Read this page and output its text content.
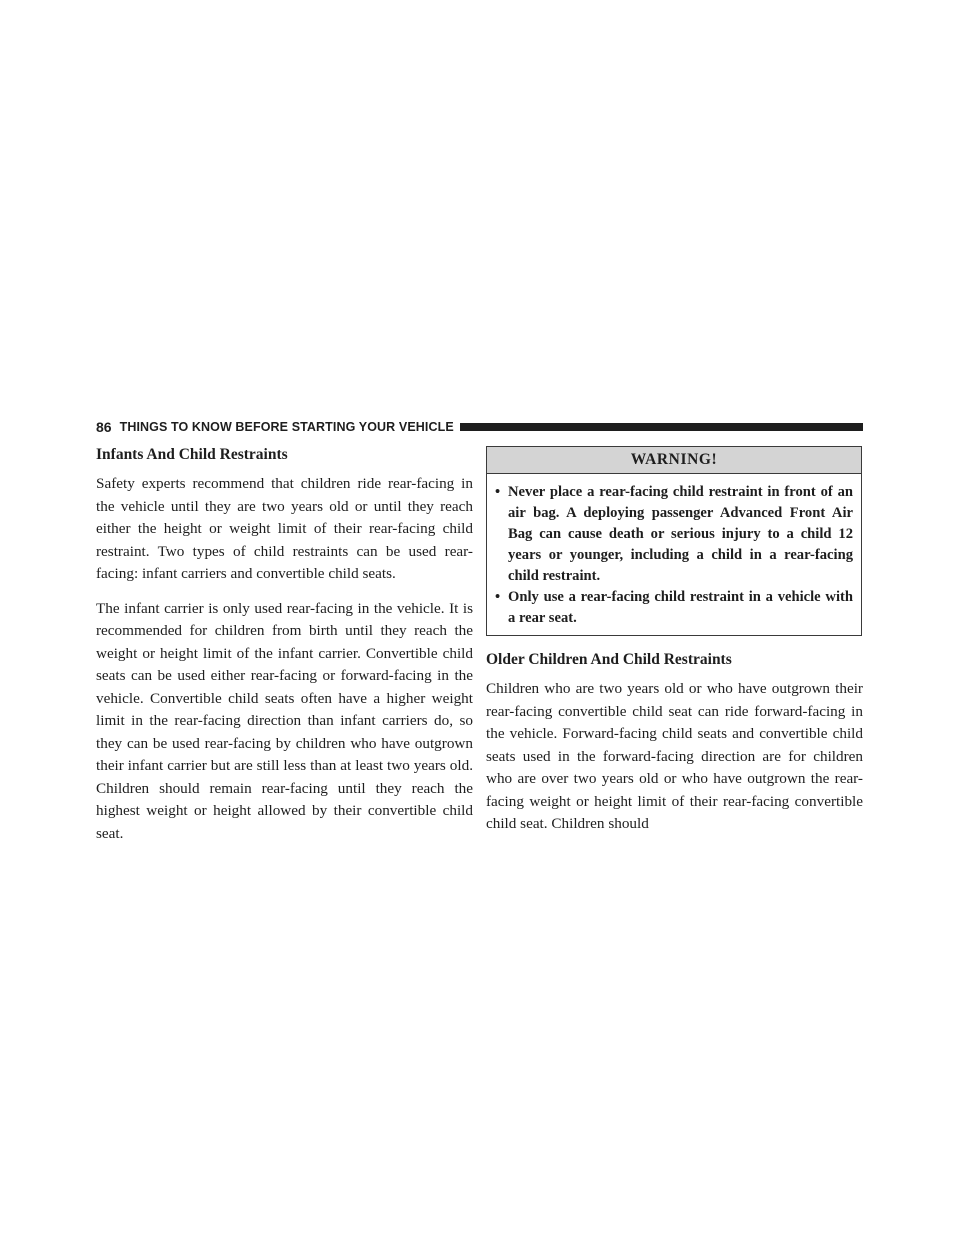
86 THINGS TO KNOW BEFORE STARTING YOUR VEHICLE
Infants And Child Restraints

Safety experts recommend that children ride rear-facing in the vehicle until they are two years old or until they reach either the height or weight limit of their rear-facing child restraint. Two types of child restraints can be used rear-facing: infant carriers and convertible child seats.

The infant carrier is only used rear-facing in the vehicle. It is recommended for children from birth until they reach the weight or height limit of the infant carrier. Convertible child seats can be used either rear-facing or forward-facing in the vehicle. Convertible child seats often have a higher weight limit in the rear-facing direction than infant carriers do, so they can be used rear-facing by children who have outgrown their infant carrier but are still less than at least two years old. Children should remain rear-facing until they reach the highest weight or height allowed by their convertible child seat.

WARNING!
• Never place a rear-facing child restraint in front of an air bag. A deploying passenger Advanced Front Air Bag can cause death or serious injury to a child 12 years or younger, including a child in a rear-facing child restraint.
• Only use a rear-facing child restraint in a vehicle with a rear seat.
Older Children And Child Restraints

Children who are two years old or who have outgrown their rear-facing convertible child seat can ride forward-facing in the vehicle. Forward-facing child seats and convertible child seats used in the forward-facing direction are for children who are over two years old or who have outgrown the rear-facing weight or height limit of their rear-facing convertible child seat. Children should
